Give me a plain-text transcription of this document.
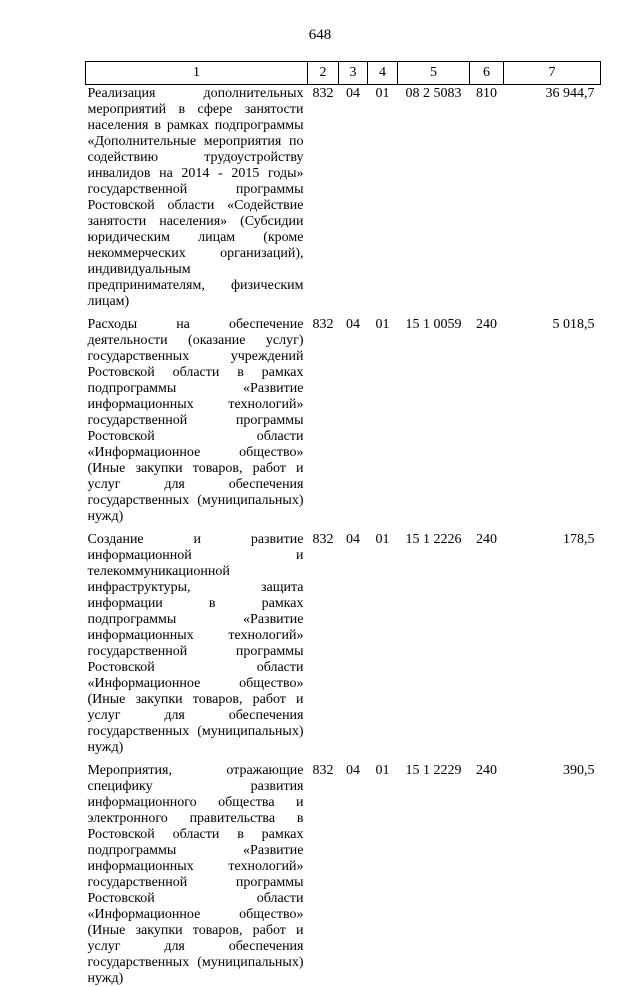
648
1	2	3	4	5	6	7

Реализация дополнительных мероприятий в сфере занятости населения в рамках подпрограммы «Дополнительные мероприятия по содействию трудоустройству инвалидов на 2014 - 2015 годы» государственной программы Ростовской области «Содействие занятости населения» (Субсидии юридическим лицам (кроме некоммерческих организаций), индивидуальным предпринимателям, физическим лицам)	832	04	01	08 2 5083	810	36 944,7

Расходы на обеспечение деятельности (оказание услуг) государственных учреждений Ростовской области в рамках подпрограммы «Развитие информационных технологий» государственной программы Ростовской области «Информационное общество» (Иные закупки товаров, работ и услуг для обеспечения государственных (муниципальных) нужд)	832	04	01	15 1 0059	240	5 018,5

Создание и развитие информационной и телекоммуникационной инфраструктуры, защита информации в рамках подпрограммы «Развитие информационных технологий» государственной программы Ростовской области «Информационное общество» (Иные закупки товаров, работ и услуг для обеспечения государственных (муниципальных) нужд)	832	04	01	15 1 2226	240	178,5

Мероприятия, отражающие специфику развития информационного общества и электронного правительства в Ростовской области в рамках подпрограммы «Развитие информационных технологий» государственной программы Ростовской области «Информационное общество» (Иные закупки товаров, работ и услуг для обеспечения государственных (муниципальных) нужд)	832	04	01	15 1 2229	240	390,5
